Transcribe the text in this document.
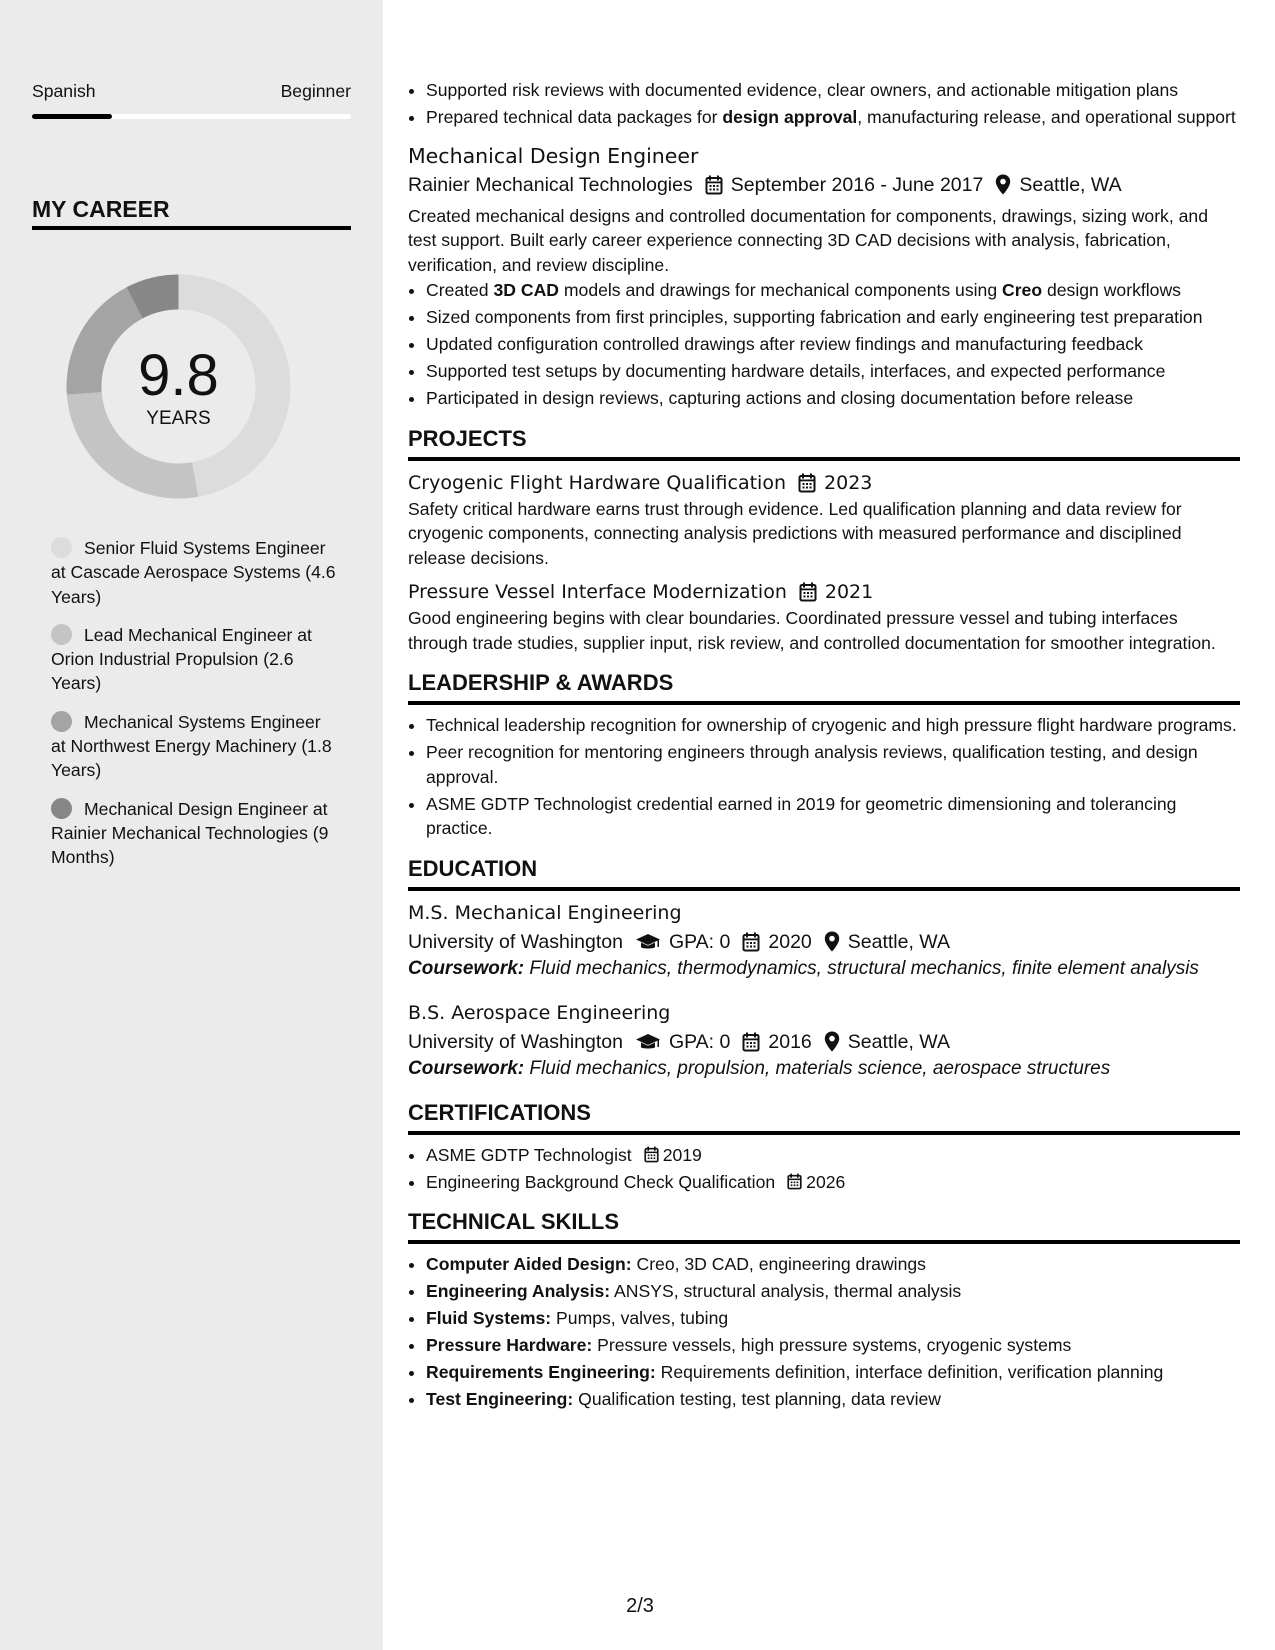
Spanish	Beginner
MY CAREER
9.8
YEARS
Senior Fluid Systems Engineer at Cascade Aerospace Systems (4.6 Years)
Lead Mechanical Engineer at Orion Industrial Propulsion (2.6 Years)
Mechanical Systems Engineer at Northwest Energy Machinery (1.8 Years)
Mechanical Design Engineer at Rainier Mechanical Technologies (9 Months)
• Supported risk reviews with documented evidence, clear owners, and actionable mitigation plans
• Prepared technical data packages for design approval, manufacturing release, and operational support
Mechanical Design Engineer
Rainier Mechanical Technologies September 2016 - June 2017 Seattle, WA

Created mechanical designs and controlled documentation for components, drawings, sizing work, and test support. Built early career experience connecting 3D CAD decisions with analysis, fabrication, verification, and review discipline.

• Created 3D CAD models and drawings for mechanical components using Creo design workflows
• Sized components from first principles, supporting fabrication and early engineering test preparation
• Updated configuration controlled drawings after review findings and manufacturing feedback
• Supported test setups by documenting hardware details, interfaces, and expected performance
• Participated in design reviews, capturing actions and closing documentation before release
PROJECTS
Cryogenic Flight Hardware Qualification 2023

Safety critical hardware earns trust through evidence. Led qualification planning and data review for cryogenic components, connecting analysis predictions with measured performance and disciplined release decisions.

Pressure Vessel Interface Modernization 2021

Good engineering begins with clear boundaries. Coordinated pressure vessel and tubing interfaces through trade studies, supplier input, risk review, and controlled documentation for smoother integration.

LEADERSHIP & AWARDS
• Technical leadership recognition for ownership of cryogenic and high pressure flight hardware programs.
• Peer recognition for mentoring engineers through analysis reviews, qualification testing, and design approval.
• ASME GDTP Technologist credential earned in 2019 for geometric dimensioning and tolerancing practice.
EDUCATION
M.S. Mechanical Engineering
University of Washington GPA: 0 2020 Seattle, WA
Coursework: Fluid mechanics, thermodynamics, structural mechanics, finite element analysis
B.S. Aerospace Engineering
University of Washington GPA: 0 2016 Seattle, WA
Coursework: Fluid mechanics, propulsion, materials science, aerospace structures
CERTIFICATIONS
• ASME GDTP Technologist 2019
• Engineering Background Check Qualification 2026
TECHNICAL SKILLS
• Computer Aided Design: Creo, 3D CAD, engineering drawings
• Engineering Analysis: ANSYS, structural analysis, thermal analysis
• Fluid Systems: Pumps, valves, tubing
• Pressure Hardware: Pressure vessels, high pressure systems, cryogenic systems
• Requirements Engineering: Requirements definition, interface definition, verification planning
• Test Engineering: Qualification testing, test planning, data review
2/3
